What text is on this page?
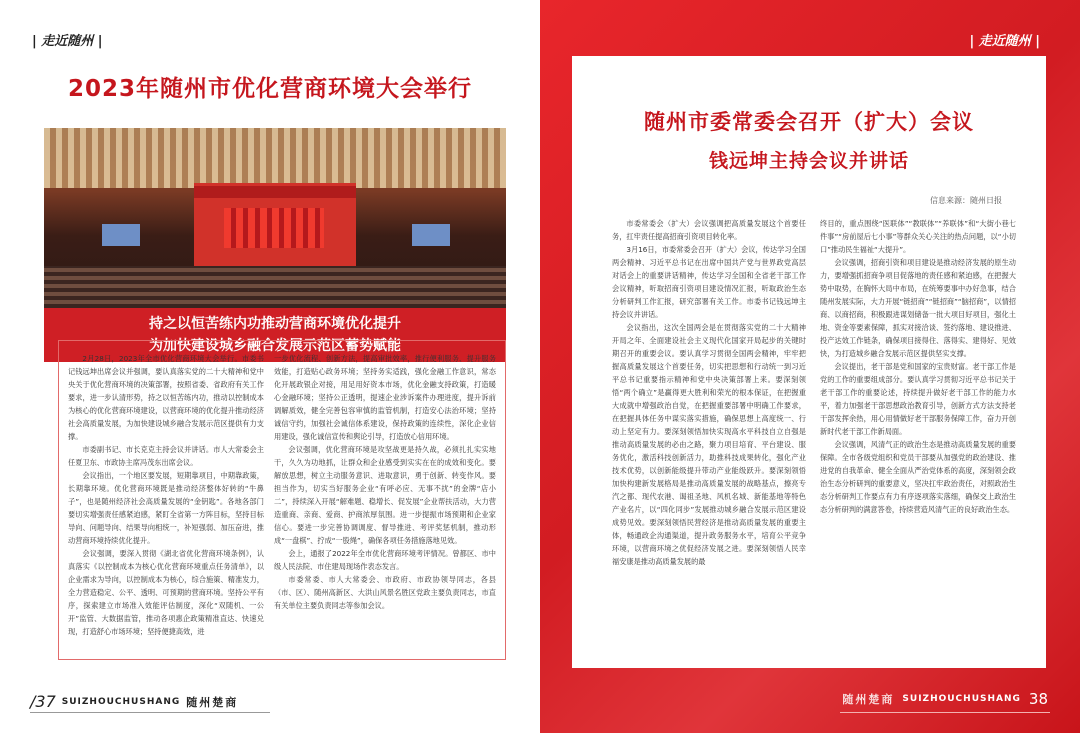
| 走近随州 |
2023年随州市优化营商环境大会举行
持之以恒苦练内功推动营商环境优化提升
为加快建设城乡融合发展示范区蓄势赋能

2月28日，2023年全市优化营商环境大会举行。市委书记钱远坤出席会议并强调，要认真落实党的二十大精神和党中央关于优化营商环境的决策部署，按照省委、省政府有关工作要求，进一步认清形势，持之以恒苦练内功，推动以控制成本为核心的优化营商环境建设，以营商环境的优化提升推动经济社会高质量发展，为加快建设城乡融合发展示范区提供有力支撑。

市委副书记、市长克克主持会议并讲话。市人大常委会主任夏卫东、市政协主席冯茂东出席会议。

会议指出，一个地区要发展，短期靠项目，中期靠政策，长期靠环境。优化营商环境既是推动经济整体好转的“牛鼻子”，也是随州经济社会高质量发展的“金钥匙”。各地各部门要切实增强责任感紧迫感，紧盯全省第一方阵目标，坚持目标导向、问题导向、结果导向相统一，补短强弱、加压奋进，推动营商环境持续优化提升。

会议强调，要深入贯彻《湖北省优化营商环境条例》，认真落实《以控制成本为核心优化营商环境重点任务清单》，以企业需求为导向，以控制成本为核心，综合施策、精准发力，全力营造稳定、公平、透明、可预期的营商环境。坚持公平有序，探索建立市场准入效能评估制度，深化“双随机、一公开”监管、大数据监管，推动各项惠企政策精准直达、快速兑现，打造舒心市场环境；坚持便捷高效，进

一步优化流程、创新方法，提高审批效率，推行便利服务、提升服务效能，打造贴心政务环境；坚持务实适践，强化金融工作意识，常态化开展政银企对接，用足用好资本市场，优化金融支持政策，打造暖心金融环境；坚持公正透明，提速企业涉诉案件办理进度，提升诉前调解质效，健全完善包容审慎的监管机制，打造安心法治环境；坚持诚信守约，加强社会诚信体系建设，保持政策的连续性，深化企业信用建设，强化诚信宣传和舆论引导，打造放心信用环境。

会议强调，优化营商环境是攻坚战更是持久战，必须扎扎实实地干，久久为功地抓，让群众和企业感受到实实在在的成效和变化。要解放思想，树立主动服务意识、进取意识，勇于创新、转变作风。要担当作为，切实当好服务企业“有呼必应、无事不扰”的金牌“店小二”，持续深入开展“解难题、稳增长、促发展”企业帮扶活动，大力营造重商、亲商、爱商、护商浓厚氛围。进一步提振市场预期和企业家信心。要进一步完善协调调度、督导推进、考评奖惩机制，推动形成“一盘棋”、拧成“一股绳”，确保各项任务措施落地见效。

会上，通报了2022年全市优化营商环境考评情况。曾都区、市中级人民法院、市住建局现场作表态发言。

市委常委、市人大常委会、市政府、市政协领导同志，各县（市、区）、随州高新区、大洪山风景名胜区党政主要负责同志，市直有关单位主要负责同志等参加会议。

/37 SUIZHOUCHUSHANG 随州楚商
| 走近随州 |
随州市委常委会召开（扩大）会议
钱远坤主持会议并讲话
信息来源：随州日报

市委常委会（扩大）会议强调把高质量发展这个首要任务，扛牢责任提高招商引资项目转化率。

3月16日，市委常委会召开（扩大）会议，传达学习全国两会精神、习近平总书记在出席中国共产党与世界政党高层对话会上的重要讲话精神，传达学习全国和全省老干部工作会议精神，听取招商引资项目建设情况汇报，听取政治生态分析研判工作汇报，研究部署有关工作。市委书记钱远坤主持会议并讲话。

会议指出，这次全国两会是在贯彻落实党的二十大精神开局之年、全面建设社会主义现代化国家开局起步的关键时期召开的重要会议。要认真学习贯彻全国两会精神，牢牢把握高质量发展这个首要任务，切实把思想和行动统一到习近平总书记重要指示精神和党中央决策部署上来。要深刻领悟“两个确立”是赢得更大胜利和荣光的根本保证，在把握重大成就中增强政治自觉，在把握重要部署中明确工作要求，在把握具体任务中谋实落实措施，确保思想上高度统一、行动上坚定有力。要深刻领悟加快实现高水平科技自立自强是推动高质量发展的必由之路，聚力项目培育、平台建设、服务优化，激活科技创新活力，助推科技成果转化，强化产业技术优势，以创新能级提升带动产业能级跃升。要深刻领悟加快构建新发展格局是推动高质量发展的战略基点，擦亮专汽之都、现代农港、谒祖圣地、风机名城、新能基地等特色产业名片，以“四化同步”发展推动城乡融合发展示范区建设成势见效。要深刻领悟民营经济是推动高质量发展的重要主体，畅通政企沟通渠道，提升政务服务水平，培育公平竞争环境，以营商环境之优促经济发展之进。要深刻领悟人民幸福安康是推动高质量发展的最

终目的，重点围绕“医联体”“教联体”“养联体”和“大街小巷七件事”“房前屋后七小事”等群众关心关注的热点问题，以“小切口”推动民生福祉“大提升”。

会议强调，招商引资和项目建设是推动经济发展的原生动力，要增强抓招商争项目促落地的责任感和紧迫感，在把握大势中取势，在胸怀大局中布局，在统筹要事中办好急事，结合随州发展实际，大力开展“链招商”“链招商”“脑招商”，以情招商、以商招商，积极跟进谋划储备一批大项目好项目，强化土地、资金等要素保障，抓实对接洽谈、签约落地、建设推进、投产达效工作链条，确保项目接得住、落得实、建得好、见效快，为打造城乡融合发展示范区提供坚实支撑。

会议提出，老干部是党和国家的宝贵财富。老干部工作是党的工作的重要组成部分。要认真学习贯彻习近平总书记关于老干部工作的重要论述，持续提升做好老干部工作的能力水平，着力加强老干部思想政治教育引导，创新方式方法支持老干部发挥余热，用心用情做好老干部服务保障工作，奋力开创新时代老干部工作新局面。

会议强调，风清气正的政治生态是推动高质量发展的重要保障。全市各级党组织和党员干部要从加强党的政治建设、推进党的自我革命、健全全面从严治党体系的高度，深刻领会政治生态分析研判的重要意义，坚决扛牢政治责任，对照政治生态分析研判工作要点有力有序逐项落实落细，确保交上政治生态分析研判的满意答卷，持续营造风清气正的良好政治生态。

随州楚商 SUIZHOUCHUSHANG 38
